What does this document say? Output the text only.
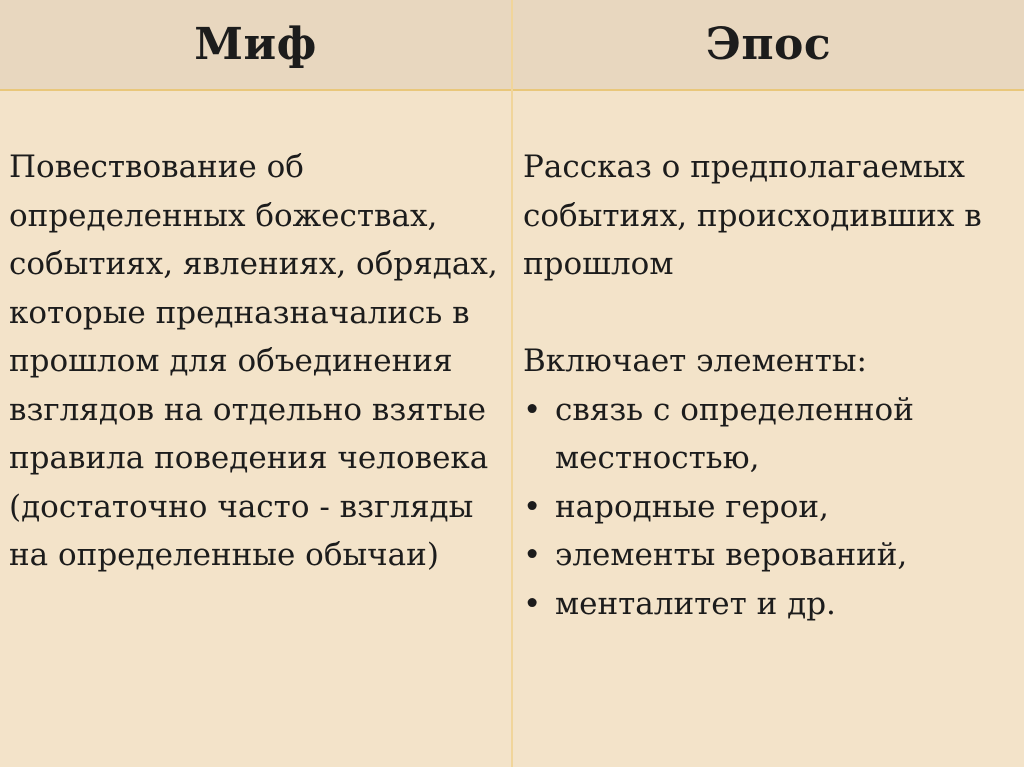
Миф	Эпос
Повествование об определенных божествах, событиях, явлениях, обрядах, которые предназначались в прошлом для объединения взглядов на отдельно взятые правила поведения человека (достаточно часто - взгляды на определенные обычаи)

Рассказ о предполагаемых событиях, происходивших в прошлом

Включает элементы:

• связь с определенной местностью,
• народные герои,
• элементы верований,
• менталитет и др.
